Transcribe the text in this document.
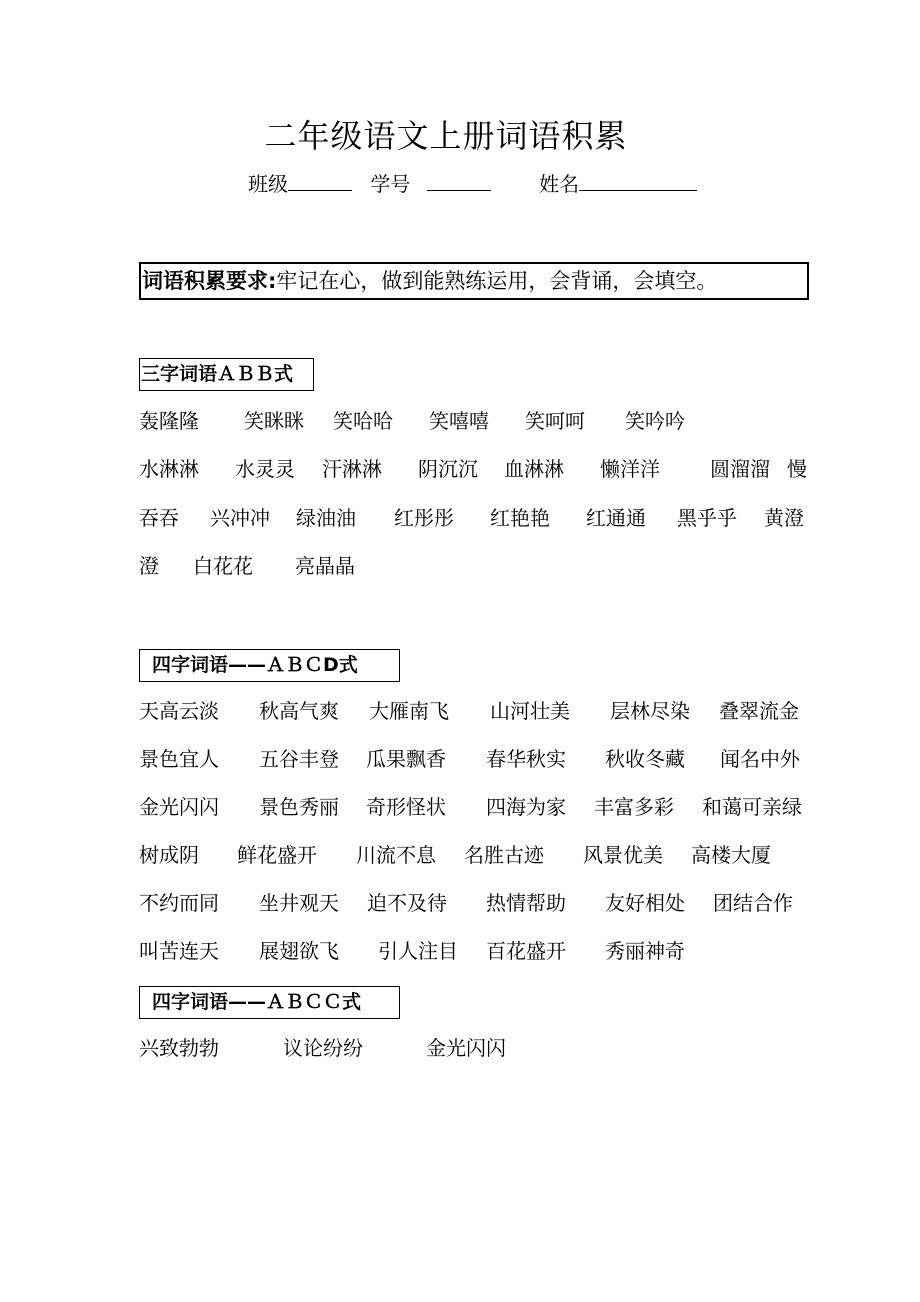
二年级语文上册词语积累
班级	学号	姓名
词语积累要求:牢记在心，做到能熟练运用，会背诵，会填空。
三字词语ＡＢＢ式
轰隆隆 笑眯眯 笑哈哈 笑嘻嘻 笑呵呵 笑吟吟
水淋淋 水灵灵 汗淋淋 阴沉沉 血淋淋 懒洋洋	圆溜溜 慢
吞吞 兴冲冲 绿油油 红彤彤 红艳艳 红通通 黑乎乎 黄澄
澄 白花花 亮晶晶
四字词语——ＡＢＣD式
天高云淡 秋高气爽 大雁南飞 山河壮美 层林尽染 叠翠流金
景色宜人 五谷丰登 瓜果飘香 春华秋实 秋收冬藏 闻名中外
金光闪闪 景色秀丽 奇形怪状 四海为家 丰富多彩 和蔼可亲绿
树成阴 鲜花盛开 川流不息 名胜古迹 风景优美 高楼大厦
不约而同 坐井观天 迫不及待 热情帮助 友好相处 团结合作
叫苦连天 展翅欲飞 引人注目 百花盛开 秀丽神奇
四字词语——ＡＢＣＣ式
兴致勃勃	议论纷纷	金光闪闪
